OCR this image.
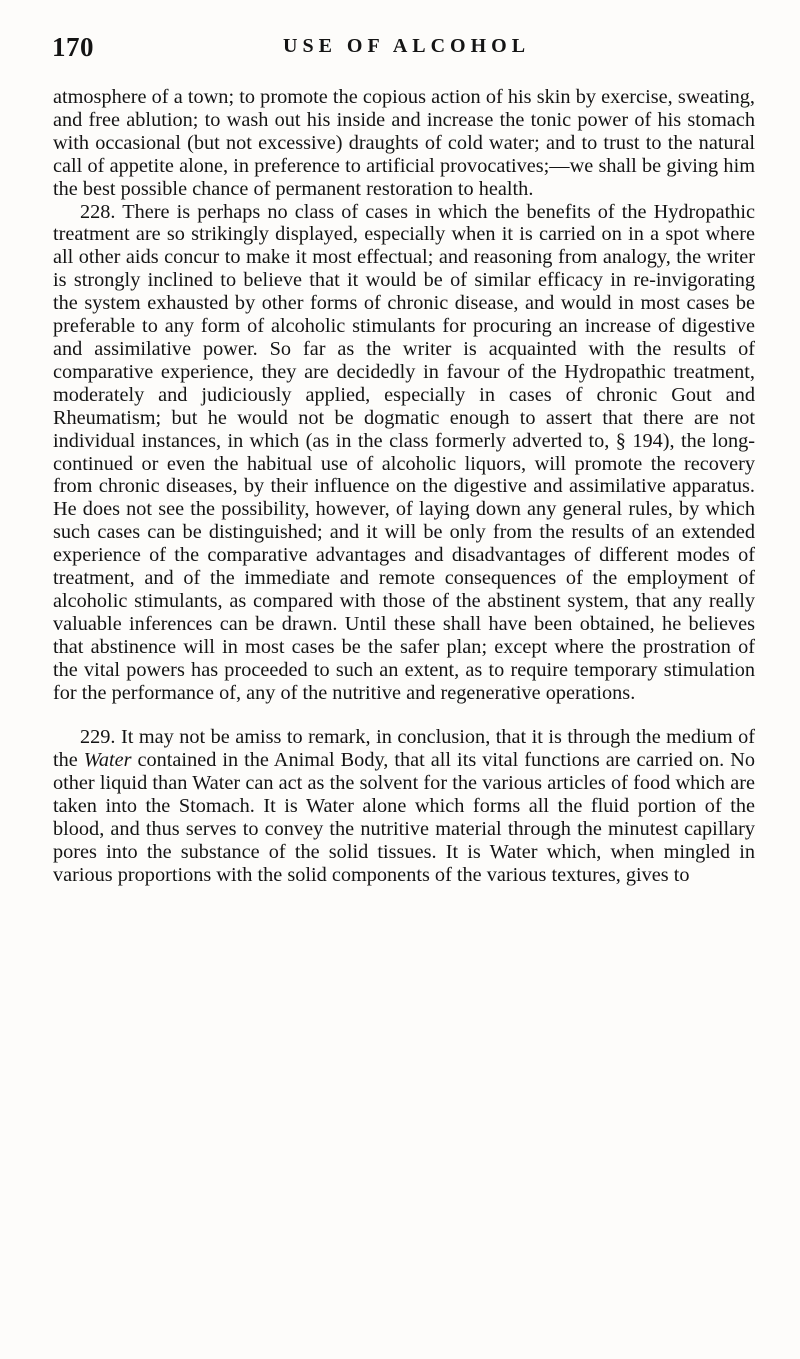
170	USE OF ALCOHOL

atmosphere of a town; to promote the copious action of his skin by exercise, sweating, and free ablution; to wash out his inside and increase the tonic power of his stomach with occasional (but not excessive) draughts of cold water; and to trust to the natural call of appetite alone, in preference to artificial provocatives;—we shall be giving him the best possible chance of permanent restoration to health.

228. There is perhaps no class of cases in which the benefits of the Hydropathic treatment are so strikingly displayed, especially when it is carried on in a spot where all other aids concur to make it most effectual; and reasoning from analogy, the writer is strongly inclined to believe that it would be of similar efficacy in re-invigorating the system exhausted by other forms of chronic disease, and would in most cases be preferable to any form of alcoholic stimulants for procuring an increase of digestive and assimilative power. So far as the writer is acquainted with the results of comparative experience, they are decidedly in favour of the Hydropathic treatment, moderately and judiciously applied, especially in cases of chronic Gout and Rheumatism; but he would not be dogmatic enough to assert that there are not individual instances, in which (as in the class formerly adverted to, § 194), the long-continued or even the habitual use of alcoholic liquors, will promote the recovery from chronic diseases, by their influence on the digestive and assimilative apparatus. He does not see the possibility, however, of laying down any general rules, by which such cases can be distinguished; and it will be only from the results of an extended experience of the comparative advantages and disadvantages of different modes of treatment, and of the immediate and remote consequences of the employment of alcoholic stimulants, as compared with those of the abstinent system, that any really valuable inferences can be drawn. Until these shall have been obtained, he believes that abstinence will in most cases be the safer plan; except where the prostration of the vital powers has proceeded to such an extent, as to require temporary stimulation for the performance of, any of the nutritive and regenerative operations.

229. It may not be amiss to remark, in conclusion, that it is through the medium of the Water contained in the Animal Body, that all its vital functions are carried on. No other liquid than Water can act as the solvent for the various articles of food which are taken into the Stomach. It is Water alone which forms all the fluid portion of the blood, and thus serves to convey the nutritive material through the minutest capillary pores into the substance of the solid tissues. It is Water which, when mingled in various proportions with the solid components of the various textures, gives to
